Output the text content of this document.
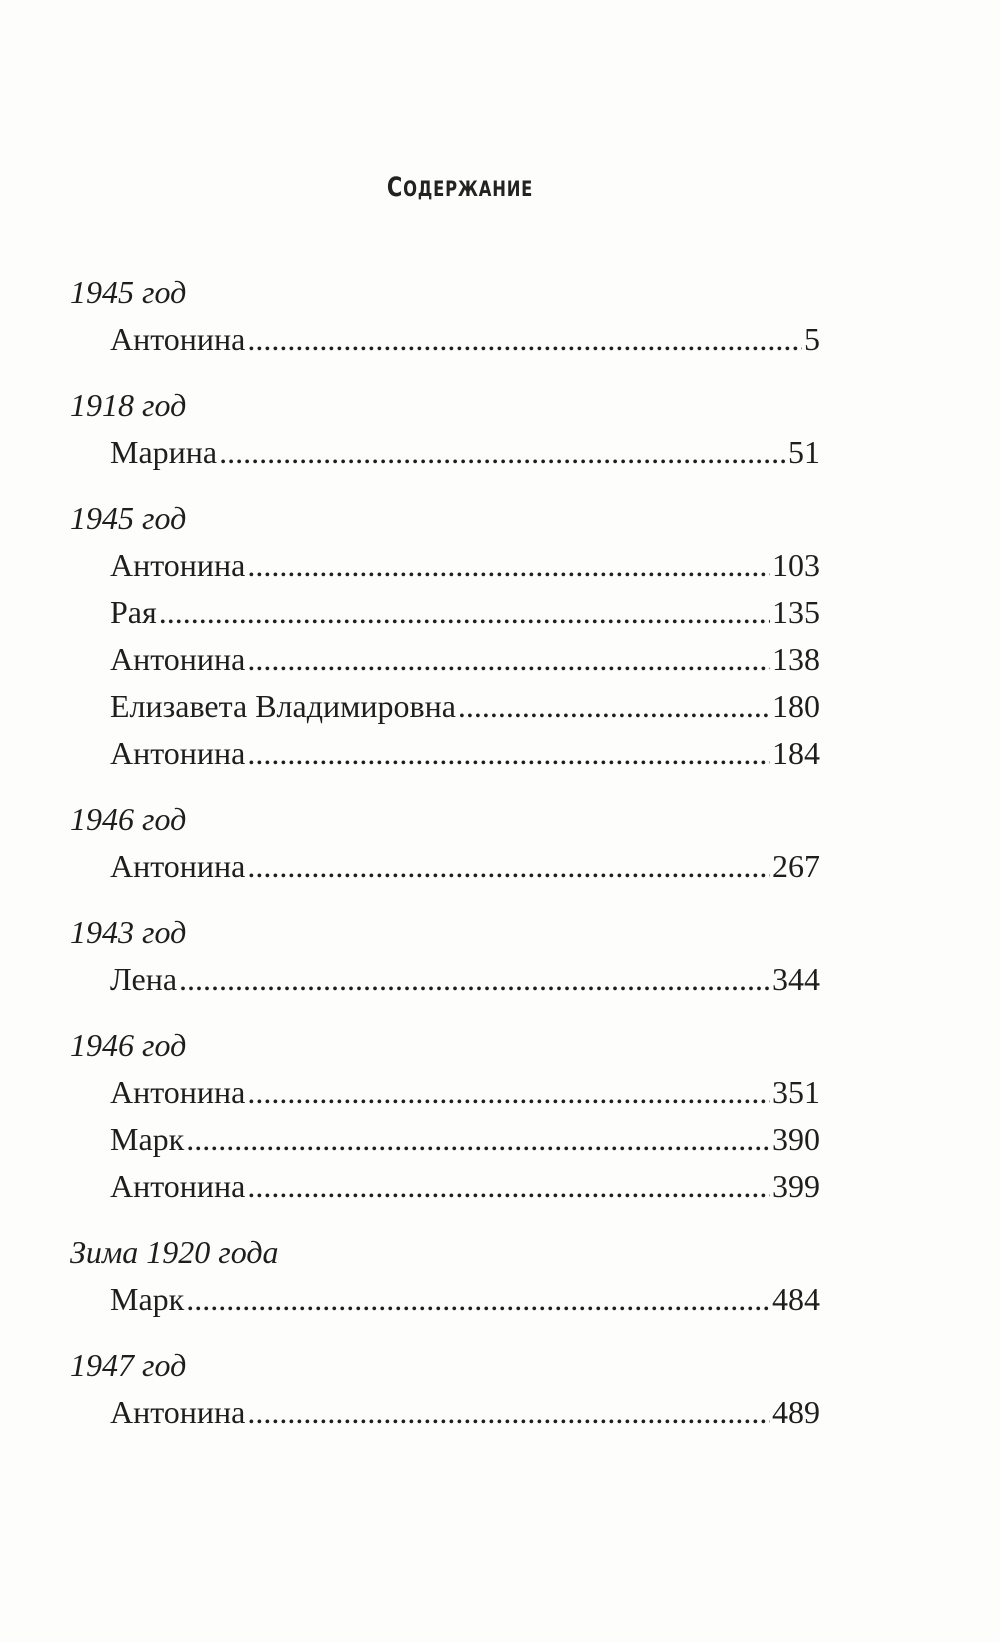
СОДЕРЖАНИЕ
1945 год
Антонина .....	5
1918 год
Марина .....	51
1945 год
Антонина .....	103
Рая .....	135
Антонина .....	138
Елизавета Владимировна .....	180
Антонина .....	184
1946 год
Антонина .....	267
1943 год
Лена .....	344
1946 год
Антонина .....	351
Марк .....	390
Антонина .....	399
Зима 1920 года
Марк .....	484
1947 год
Антонина .....	489
